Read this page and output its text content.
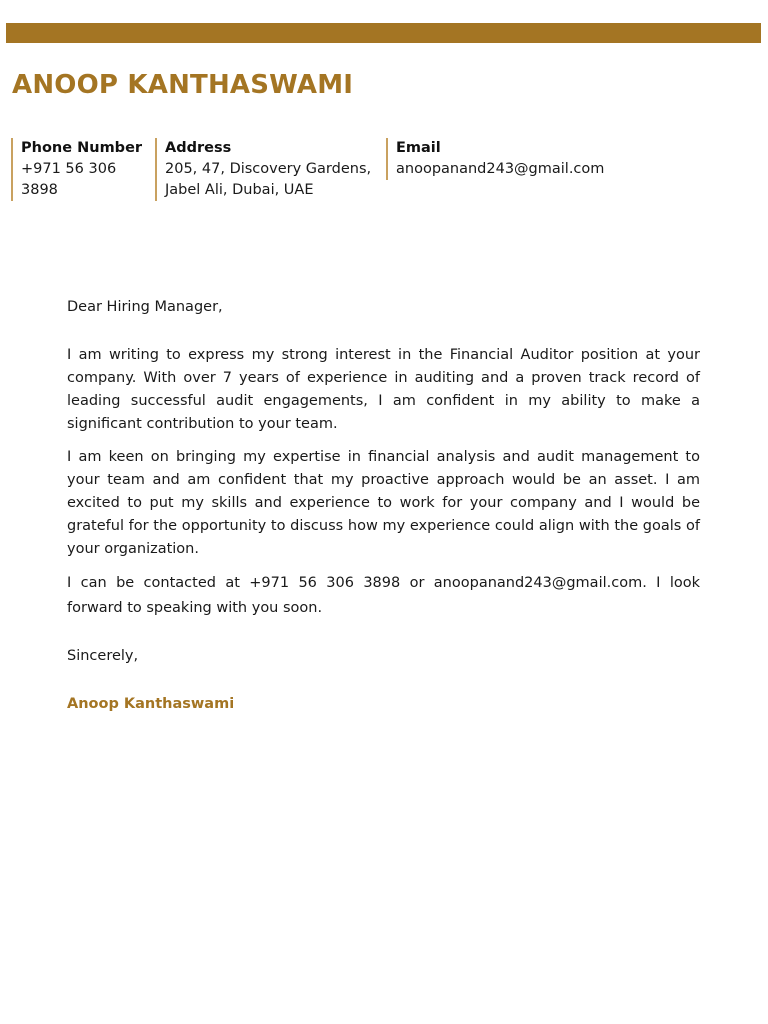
ANOOP KANTHASWAMI
Phone Number
+971 56 306 3898
Address
205, 47, Discovery Gardens,
Jabel Ali, Dubai, UAE
Email
anoopanand243@gmail.com

Dear Hiring Manager,

I am writing to express my strong interest in the Financial Auditor position at your company. With over 7 years of experience in auditing and a proven track record of leading successful audit engagements, I am confident in my ability to make a significant contribution to your team.

I am keen on bringing my expertise in financial analysis and audit management to your team and am confident that my proactive approach would be an asset. I am excited to put my skills and experience to work for your company and I would be grateful for the opportunity to discuss how my experience could align with the goals of your organization.

I can be contacted at +971 56 306 3898 or anoopanand243@gmail.com. I look forward to speaking with you soon.

Sincerely,

Anoop Kanthaswami
